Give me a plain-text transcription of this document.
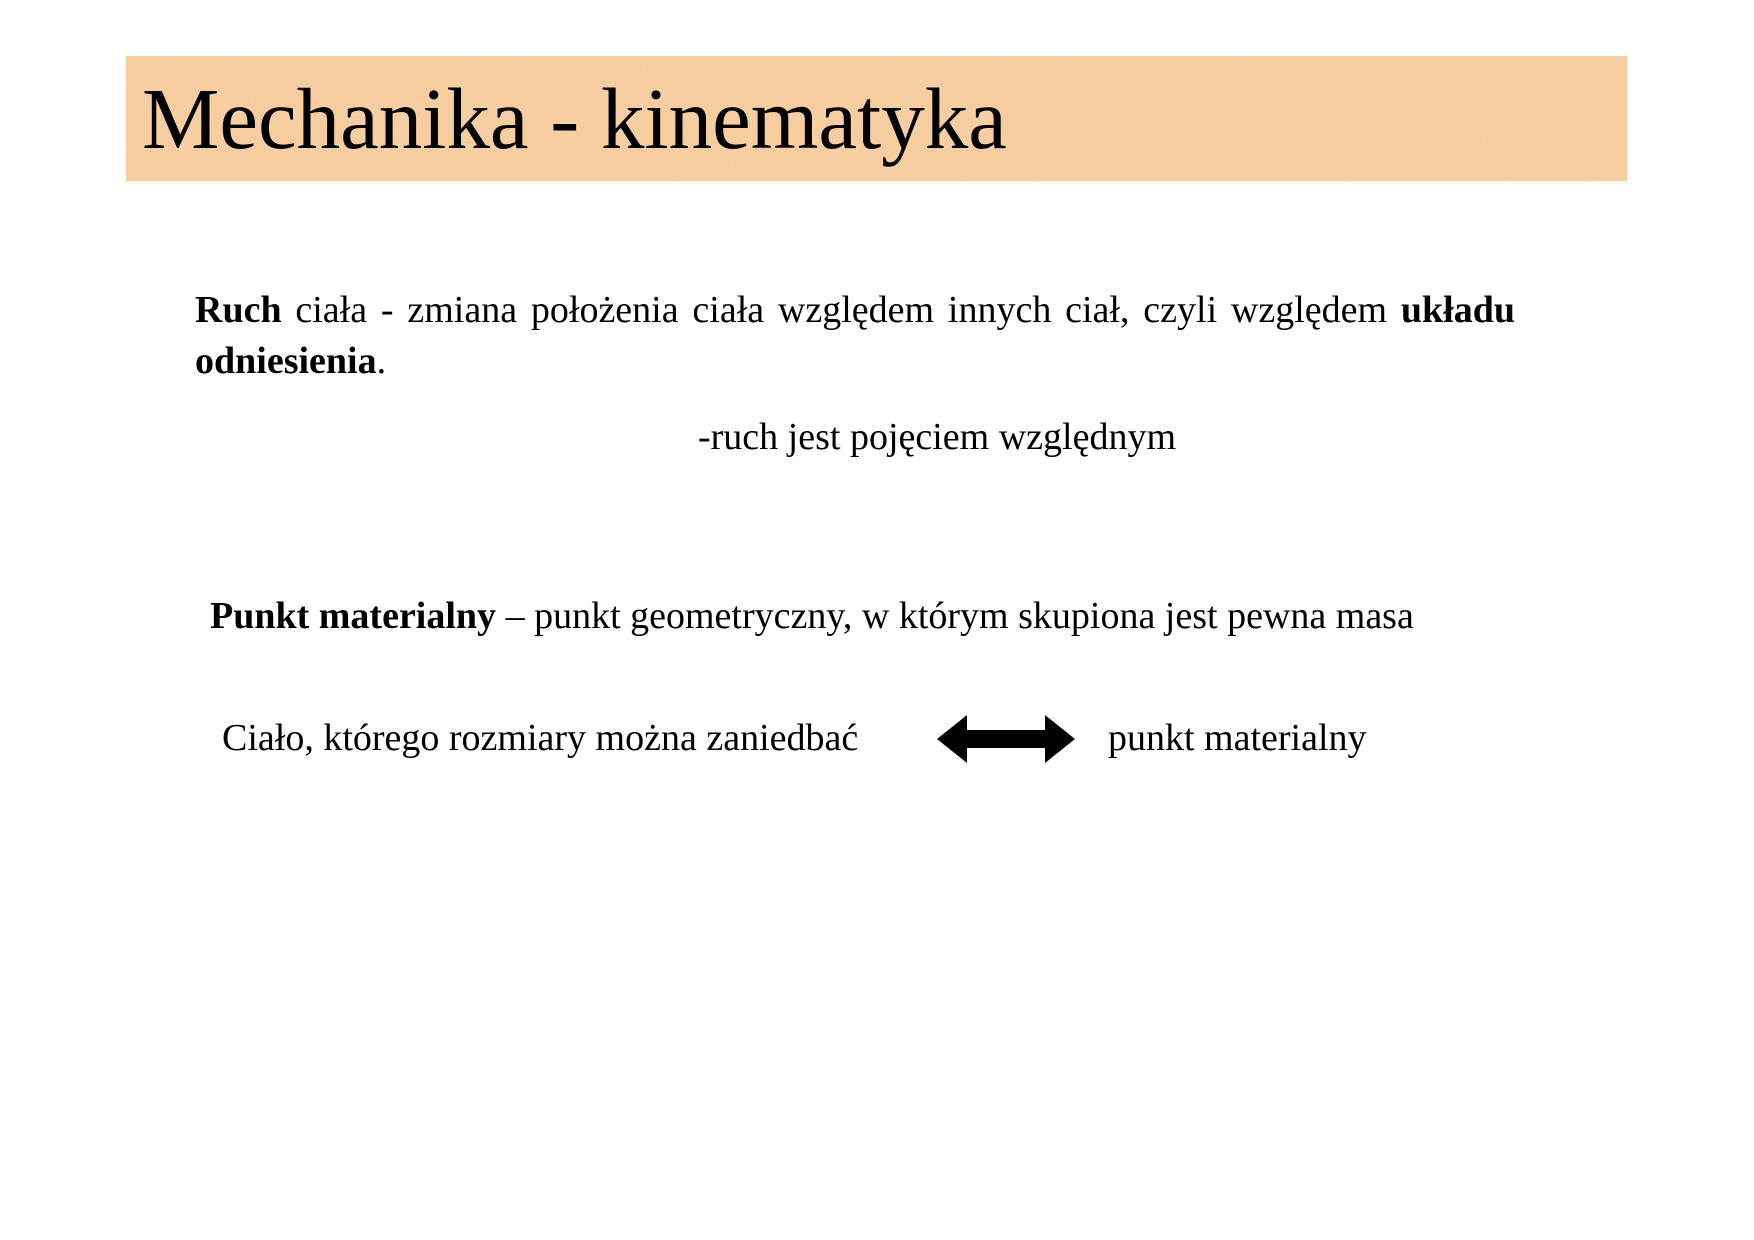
Mechanika - kinematyka
Ruch ciała - zmiana położenia ciała względem innych ciał, czyli względem układu odniesienia.
-ruch jest pojęciem względnym
Punkt materialny – punkt geometryczny, w którym skupiona jest pewna masa
Ciało, którego rozmiary można zaniedbać	punkt materialny
